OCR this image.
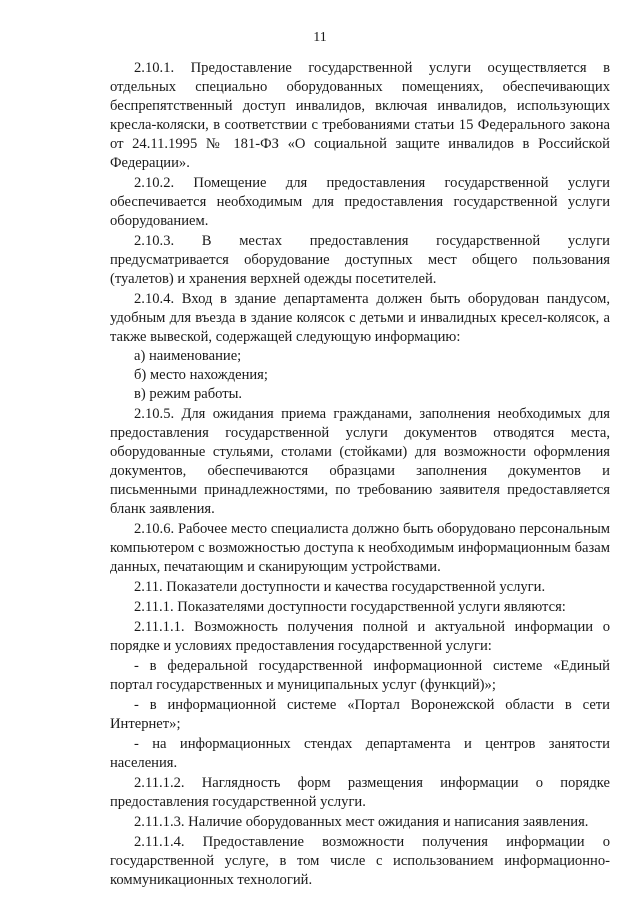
11

2.10.1. Предоставление государственной услуги осуществляется в отдельных специально оборудованных помещениях, обеспечивающих беспрепятственный доступ инвалидов, включая инвалидов, использующих кресла-коляски, в соответствии с требованиями статьи 15 Федерального закона от 24.11.1995 № 181-ФЗ «О социальной защите инвалидов в Российской Федерации».

2.10.2. Помещение для предоставления государственной услуги обеспечивается необходимым для предоставления государственной услуги оборудованием.

2.10.3. В местах предоставления государственной услуги предусматривается оборудование доступных мест общего пользования (туалетов) и хранения верхней одежды посетителей.

2.10.4. Вход в здание департамента должен быть оборудован пандусом, удобным для въезда в здание колясок с детьми и инвалидных кресел-колясок, а также вывеской, содержащей следующую информацию:

а) наименование;

б) место нахождения;

в) режим работы.

2.10.5. Для ожидания приема гражданами, заполнения необходимых для предоставления государственной услуги документов отводятся места, оборудованные стульями, столами (стойками) для возможности оформления документов, обеспечиваются образцами заполнения документов и письменными принадлежностями, по требованию заявителя предоставляется бланк заявления.

2.10.6. Рабочее место специалиста должно быть оборудовано персональным компьютером с возможностью доступа к необходимым информационным базам данных, печатающим и сканирующим устройствами.

2.11. Показатели доступности и качества государственной услуги.

2.11.1. Показателями доступности государственной услуги являются:

2.11.1.1. Возможность получения полной и актуальной информации о порядке и условиях предоставления государственной услуги:

- в федеральной государственной информационной системе «Единый портал государственных и муниципальных услуг (функций)»;

- в информационной системе «Портал Воронежской области в сети Интернет»;

- на информационных стендах департамента и центров занятости населения.

2.11.1.2. Наглядность форм размещения информации о порядке предоставления государственной услуги.

2.11.1.3. Наличие оборудованных мест ожидания и написания заявления.

2.11.1.4. Предоставление возможности получения информации о государственной услуге, в том числе с использованием информационно-коммуникационных технологий.
